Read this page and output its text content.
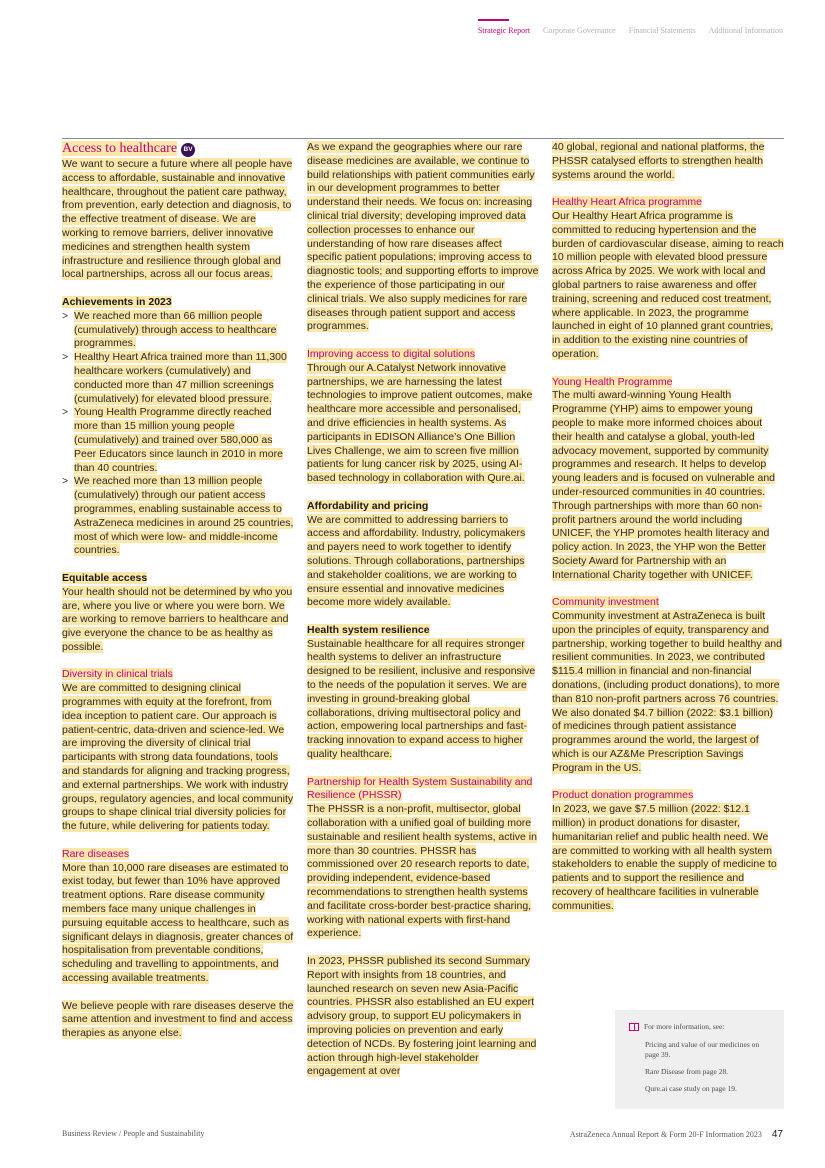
Strategic Report Corporate Governance Financial Statements Additional Information
Access to healthcare BV

We want to secure a future where all people have access to affordable, sustainable and innovative healthcare, throughout the patient care pathway, from prevention, early detection and diagnosis, to the effective treatment of disease. We are working to remove barriers, deliver innovative medicines and strengthen health system infrastructure and resilience through global and local partnerships, across all our focus areas.

Achievements in 2023
> We reached more than 66 million people (cumulatively) through access to healthcare programmes.
> Healthy Heart Africa trained more than 11,300 healthcare workers (cumulatively) and conducted more than 47 million screenings (cumulatively) for elevated blood pressure.
> Young Health Programme directly reached more than 15 million young people (cumulatively) and trained over 580,000 as Peer Educators since launch in 2010 in more than 40 countries.
> We reached more than 13 million people (cumulatively) through our patient access programmes, enabling sustainable access to AstraZeneca medicines in around 25 countries, most of which were low- and middle-income countries.
Equitable access

Your health should not be determined by who you are, where you live or where you were born. We are working to remove barriers to healthcare and give everyone the chance to be as healthy as possible.

Diversity in clinical trials

We are committed to designing clinical programmes with equity at the forefront, from idea inception to patient care. Our approach is patient-centric, data-driven and science-led. We are improving the diversity of clinical trial participants with strong data foundations, tools and standards for aligning and tracking progress, and external partnerships. We work with industry groups, regulatory agencies, and local community groups to shape clinical trial diversity policies for the future, while delivering for patients today.

Rare diseases

More than 10,000 rare diseases are estimated to exist today, but fewer than 10% have approved treatment options. Rare disease community members face many unique challenges in pursuing equitable access to healthcare, such as significant delays in diagnosis, greater chances of hospitalisation from preventable conditions, scheduling and travelling to appointments, and accessing available treatments.

We believe people with rare diseases deserve the same attention and investment to find and access therapies as anyone else.

As we expand the geographies where our rare disease medicines are available, we continue to build relationships with patient communities early in our development programmes to better understand their needs. We focus on: increasing clinical trial diversity; developing improved data collection processes to enhance our understanding of how rare diseases affect specific patient populations; improving access to diagnostic tools; and supporting efforts to improve the experience of those participating in our clinical trials. We also supply medicines for rare diseases through patient support and access programmes.

Improving access to digital solutions

Through our A.Catalyst Network innovative partnerships, we are harnessing the latest technologies to improve patient outcomes, make healthcare more accessible and personalised, and drive efficiencies in health systems. As participants in EDISON Alliance’s One Billion Lives Challenge, we aim to screen five million patients for lung cancer risk by 2025, using AI-based technology in collaboration with Qure.ai.

Affordability and pricing

We are committed to addressing barriers to access and affordability. Industry, policymakers and payers need to work together to identify solutions. Through collaborations, partnerships and stakeholder coalitions, we are working to ensure essential and innovative medicines become more widely available.

Health system resilience

Sustainable healthcare for all requires stronger health systems to deliver an infrastructure designed to be resilient, inclusive and responsive to the needs of the population it serves. We are investing in ground-breaking global collaborations, driving multisectoral policy and action, empowering local partnerships and fast-tracking innovation to expand access to higher quality healthcare.

Partnership for Health System Sustainability and Resilience (PHSSR)

The PHSSR is a non-profit, multisector, global collaboration with a unified goal of building more sustainable and resilient health systems, active in more than 30 countries. PHSSR has commissioned over 20 research reports to date, providing independent, evidence-based recommendations to strengthen health systems and facilitate cross-border best-practice sharing, working with national experts with first-hand experience.

In 2023, PHSSR published its second Summary Report with insights from 18 countries, and launched research on seven new Asia-Pacific countries. PHSSR also established an EU expert advisory group, to support EU policymakers in improving policies on prevention and early detection of NCDs. By fostering joint learning and action through high-level stakeholder engagement at over

40 global, regional and national platforms, the PHSSR catalysed efforts to strengthen health systems around the world.

Healthy Heart Africa programme

Our Healthy Heart Africa programme is committed to reducing hypertension and the burden of cardiovascular disease, aiming to reach 10 million people with elevated blood pressure across Africa by 2025. We work with local and global partners to raise awareness and offer training, screening and reduced cost treatment, where applicable. In 2023, the programme launched in eight of 10 planned grant countries, in addition to the existing nine countries of operation.

Young Health Programme

The multi award-winning Young Health Programme (YHP) aims to empower young people to make more informed choices about their health and catalyse a global, youth-led advocacy movement, supported by community programmes and research. It helps to develop young leaders and is focused on vulnerable and under-resourced communities in 40 countries. Through partnerships with more than 60 non-profit partners around the world including UNICEF, the YHP promotes health literacy and policy action. In 2023, the YHP won the Better Society Award for Partnership with an International Charity together with UNICEF.

Community investment

Community investment at AstraZeneca is built upon the principles of equity, transparency and partnership, working together to build healthy and resilient communities. In 2023, we contributed $115.4 million in financial and non-financial donations, (including product donations), to more than 810 non-profit partners across 76 countries. We also donated $4.7 billion (2022: $3.1 billion) of medicines through patient assistance programmes around the world, the largest of which is our AZ&Me Prescription Savings Program in the US.

Product donation programmes

In 2023, we gave $7.5 million (2022: $12.1 million) in product donations for disaster, humanitarian relief and public health need. We are committed to working with all health system stakeholders to enable the supply of medicine to patients and to support the resilience and recovery of healthcare facilities in vulnerable communities.

For more information, see:
Pricing and value of our medicines on page 39.
Rare Disease from page 28.
Qure.ai case study on page 19.
Business Review / People and Sustainability	AstraZeneca Annual Report & Form 20-F Information 2023 47
